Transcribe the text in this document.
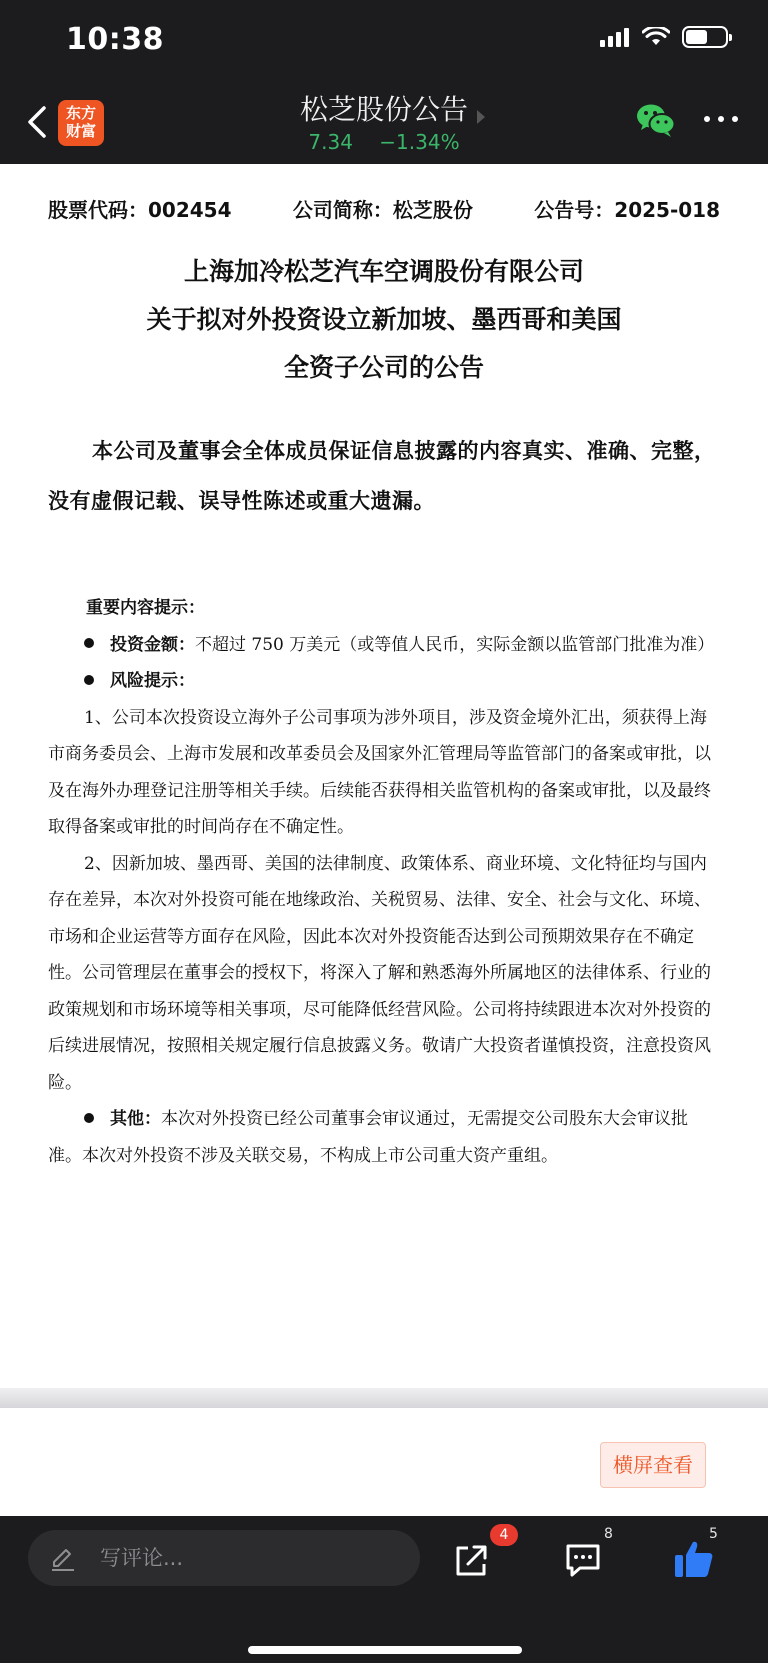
10:38
东方
财富
松芝股份公告
7.34 −1.34%
股票代码：002454	公司简称：松芝股份	公告号：2025-018
上海加冷松芝汽车空调股份有限公司
关于拟对外投资设立新加坡、墨西哥和美国
全资子公司的公告
本公司及董事会全体成员保证信息披露的内容真实、准确、完整，没有虚假记载、误导性陈述或重大遗漏。
重要内容提示：
投资金额：不超过 750 万美元（或等值人民币，实际金额以监管部门批准为准）
风险提示：
1、公司本次投资设立海外子公司事项为涉外项目，涉及资金境外汇出，须获得上海市商务委员会、上海市发展和改革委员会及国家外汇管理局等监管部门的备案或审批，以及在海外办理登记注册等相关手续。后续能否获得相关监管机构的备案或审批，以及最终取得备案或审批的时间尚存在不确定性。
2、因新加坡、墨西哥、美国的法律制度、政策体系、商业环境、文化特征均与国内存在差异，本次对外投资可能在地缘政治、关税贸易、法律、安全、社会与文化、环境、市场和企业运营等方面存在风险，因此本次对外投资能否达到公司预期效果存在不确定性。公司管理层在董事会的授权下，将深入了解和熟悉海外所属地区的法律体系、行业的政策规划和市场环境等相关事项，尽可能降低经营风险。公司将持续跟进本次对外投资的后续进展情况，按照相关规定履行信息披露义务。敬请广大投资者谨慎投资，注意投资风险。
其他：本次对外投资已经公司董事会审议通过，无需提交公司股东大会审议批准。本次对外投资不涉及关联交易，不构成上市公司重大资产重组。
横屏查看
写评论...
4	8	5
